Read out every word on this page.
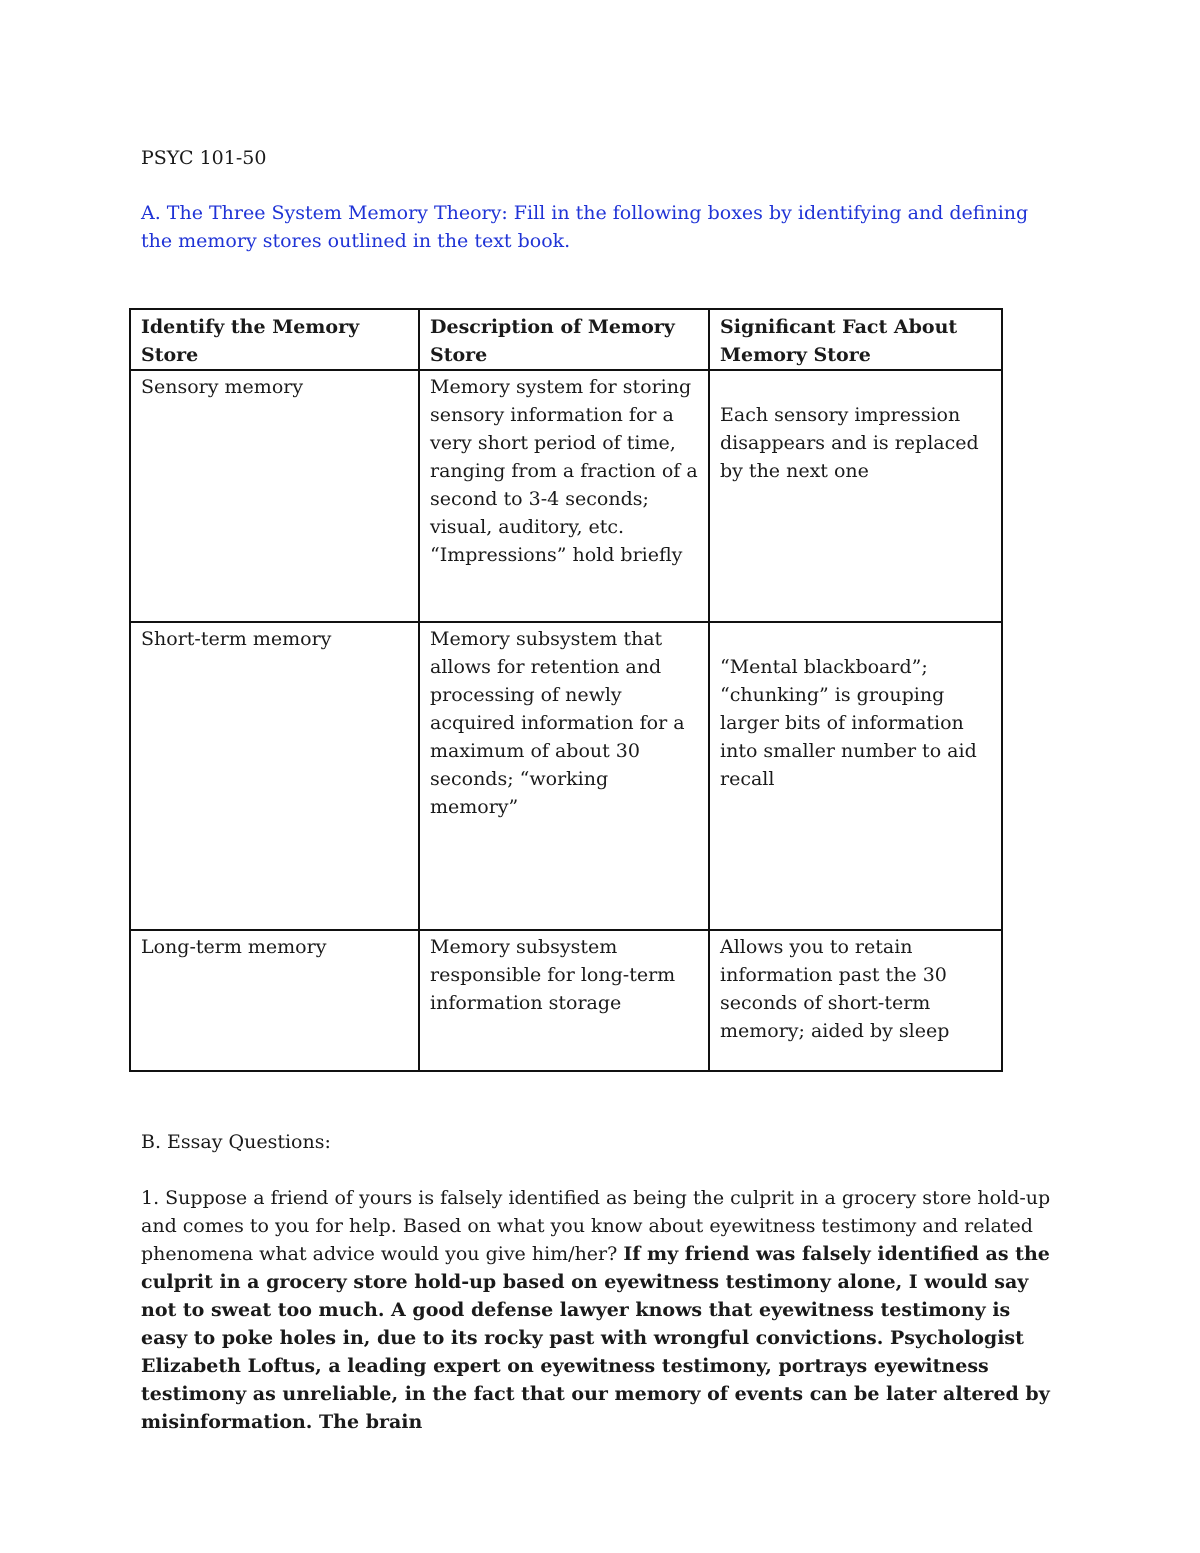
PSYC 101-50

A. The Three System Memory Theory: Fill in the following boxes by identifying and defining the memory stores outlined in the text book.

Identify the Memory Store	Description of Memory Store	Significant Fact About Memory Store
Sensory memory	Memory system for storing sensory information for a very short period of time, ranging from a fraction of a second to 3-4 seconds; visual, auditory, etc. “Impressions” hold briefly	Each sensory impression disappears and is replaced by the next one
Short-term memory	Memory subsystem that allows for retention and processing of newly acquired information for a maximum of about 30 seconds; “working memory”	“Mental blackboard”; “chunking” is grouping larger bits of information into smaller number to aid recall
Long-term memory	Memory subsystem responsible for long-term information storage	Allows you to retain information past the 30 seconds of short-term memory; aided by sleep

B. Essay Questions:

1. Suppose a friend of yours is falsely identified as being the culprit in a grocery store hold-up and comes to you for help. Based on what you know about eyewitness testimony and related phenomena what advice would you give him/her? If my friend was falsely identified as the culprit in a grocery store hold-up based on eyewitness testimony alone, I would say not to sweat too much. A good defense lawyer knows that eyewitness testimony is easy to poke holes in, due to its rocky past with wrongful convictions. Psychologist Elizabeth Loftus, a leading expert on eyewitness testimony, portrays eyewitness testimony as unreliable, in the fact that our memory of events can be later altered by misinformation. The brain
